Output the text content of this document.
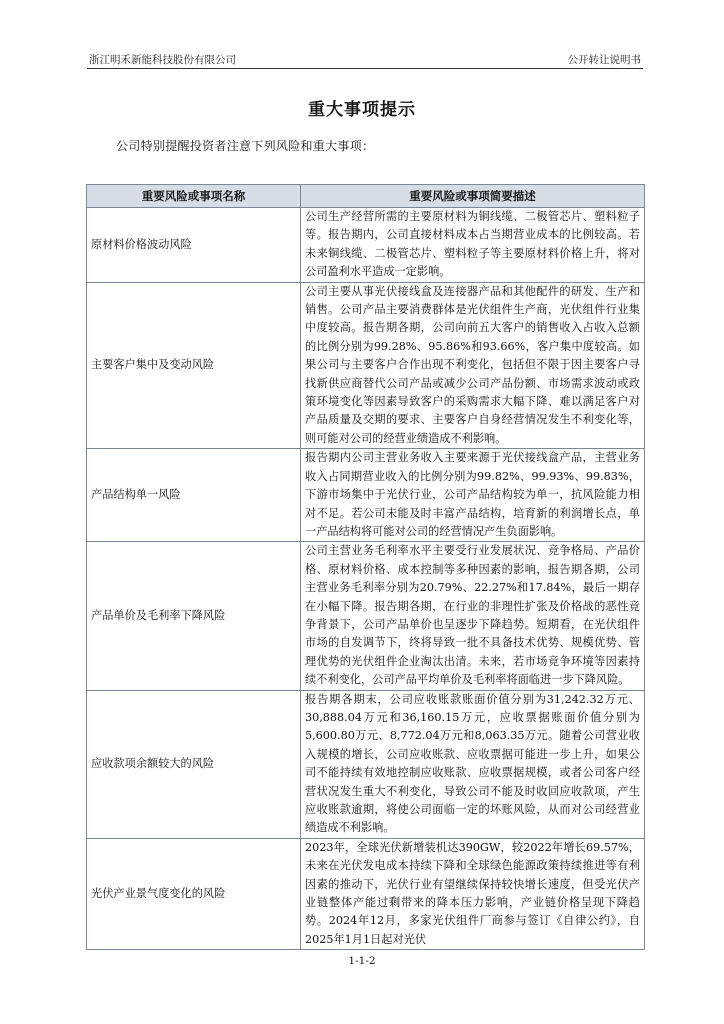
浙江明禾新能科技股份有限公司	公开转让说明书
重大事项提示
公司特别提醒投资者注意下列风险和重大事项：
重要风险或事项名称	重要风险或事项简要描述
原材料价格波动风险	公司生产经营所需的主要原材料为铜线缆、二极管芯片、塑料粒子等。报告期内，公司直接材料成本占当期营业成本的比例较高。若未来铜线缆、二极管芯片、塑料粒子等主要原材料价格上升，将对公司盈利水平造成一定影响。
主要客户集中及变动风险	公司主要从事光伏接线盒及连接器产品和其他配件的研发、生产和销售。公司产品主要消费群体是光伏组件生产商，光伏组件行业集中度较高。报告期各期，公司向前五大客户的销售收入占收入总额的比例分别为99.28%、95.86%和93.66%，客户集中度较高。如果公司与主要客户合作出现不利变化，包括但不限于因主要客户寻找新供应商替代公司产品或减少公司产品份额、市场需求波动或政策环境变化等因素导致客户的采购需求大幅下降、难以满足客户对产品质量及交期的要求、主要客户自身经营情况发生不利变化等，则可能对公司的经营业绩造成不利影响。
产品结构单一风险	报告期内公司主营业务收入主要来源于光伏接线盒产品，主营业务收入占同期营业收入的比例分别为99.82%、99.93%、99.83%，下游市场集中于光伏行业，公司产品结构较为单一，抗风险能力相对不足。若公司未能及时丰富产品结构，培育新的利润增长点，单一产品结构将可能对公司的经营情况产生负面影响。
产品单价及毛利率下降风险	公司主营业务毛利率水平主要受行业发展状况、竞争格局、产品价格、原材料价格、成本控制等多种因素的影响，报告期各期，公司主营业务毛利率分别为20.79%、22.27%和17.84%，最后一期存在小幅下降。报告期各期，在行业的非理性扩张及价格战的恶性竞争背景下，公司产品单价也呈逐步下降趋势。短期看，在光伏组件市场的自发调节下，终将导致一批不具备技术优势、规模优势、管理优势的光伏组件企业淘汰出清。未来，若市场竞争环境等因素持续不利变化，公司产品平均单价及毛利率将面临进一步下降风险。
应收款项余额较大的风险	报告期各期末，公司应收账款账面价值分别为31,242.32万元、30,888.04万元和36,160.15万元，应收票据账面价值分别为5,600.80万元、8,772.04万元和8,063.35万元。随着公司营业收入规模的增长，公司应收账款、应收票据可能进一步上升，如果公司不能持续有效地控制应收账款、应收票据规模，或者公司客户经营状况发生重大不利变化，导致公司不能及时收回应收款项，产生应收账款逾期，将使公司面临一定的坏账风险，从而对公司经营业绩造成不利影响。
光伏产业景气度变化的风险	2023年，全球光伏新增装机达390GW，较2022年增长69.57%，未来在光伏发电成本持续下降和全球绿色能源政策持续推进等有利因素的推动下，光伏行业有望继续保持较快增长速度，但受光伏产业链整体产能过剩带来的降本压力影响，产业链价格呈现下降趋势。2024年12月，多家光伏组件厂商参与签订《自律公约》，自2025年1月1日起对光伏
1-1-2
